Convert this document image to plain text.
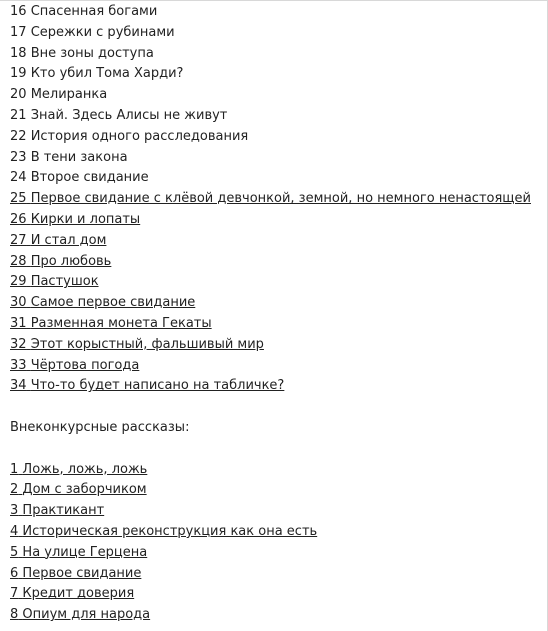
16 Спасенная богами
17 Сережки с рубинами
18 Вне зоны доступа
19 Кто убил Тома Харди?
20 Мелиранка
21 Знай. Здесь Алисы не живут
22 История одного расследования
23 В тени закона
24 Второе свидание
25 Первое свидание с клёвой девчонкой, земной, но немного ненастоящей
26 Кирки и лопаты
27 И стал дом
28 Про любовь
29 Пастушок
30 Самое первое свидание
31 Разменная монета Гекаты
32 Этот корыстный, фальшивый мир
33 Чёртова погода
34 Что-то будет написано на табличке?
Внеконкурсные рассказы:
1 Ложь, ложь, ложь
2 Дом с заборчиком
3 Практикант
4 Историческая реконструкция как она есть
5 На улице Герцена
6 Первое свидание
7 Кредит доверия
8 Опиум для народа
